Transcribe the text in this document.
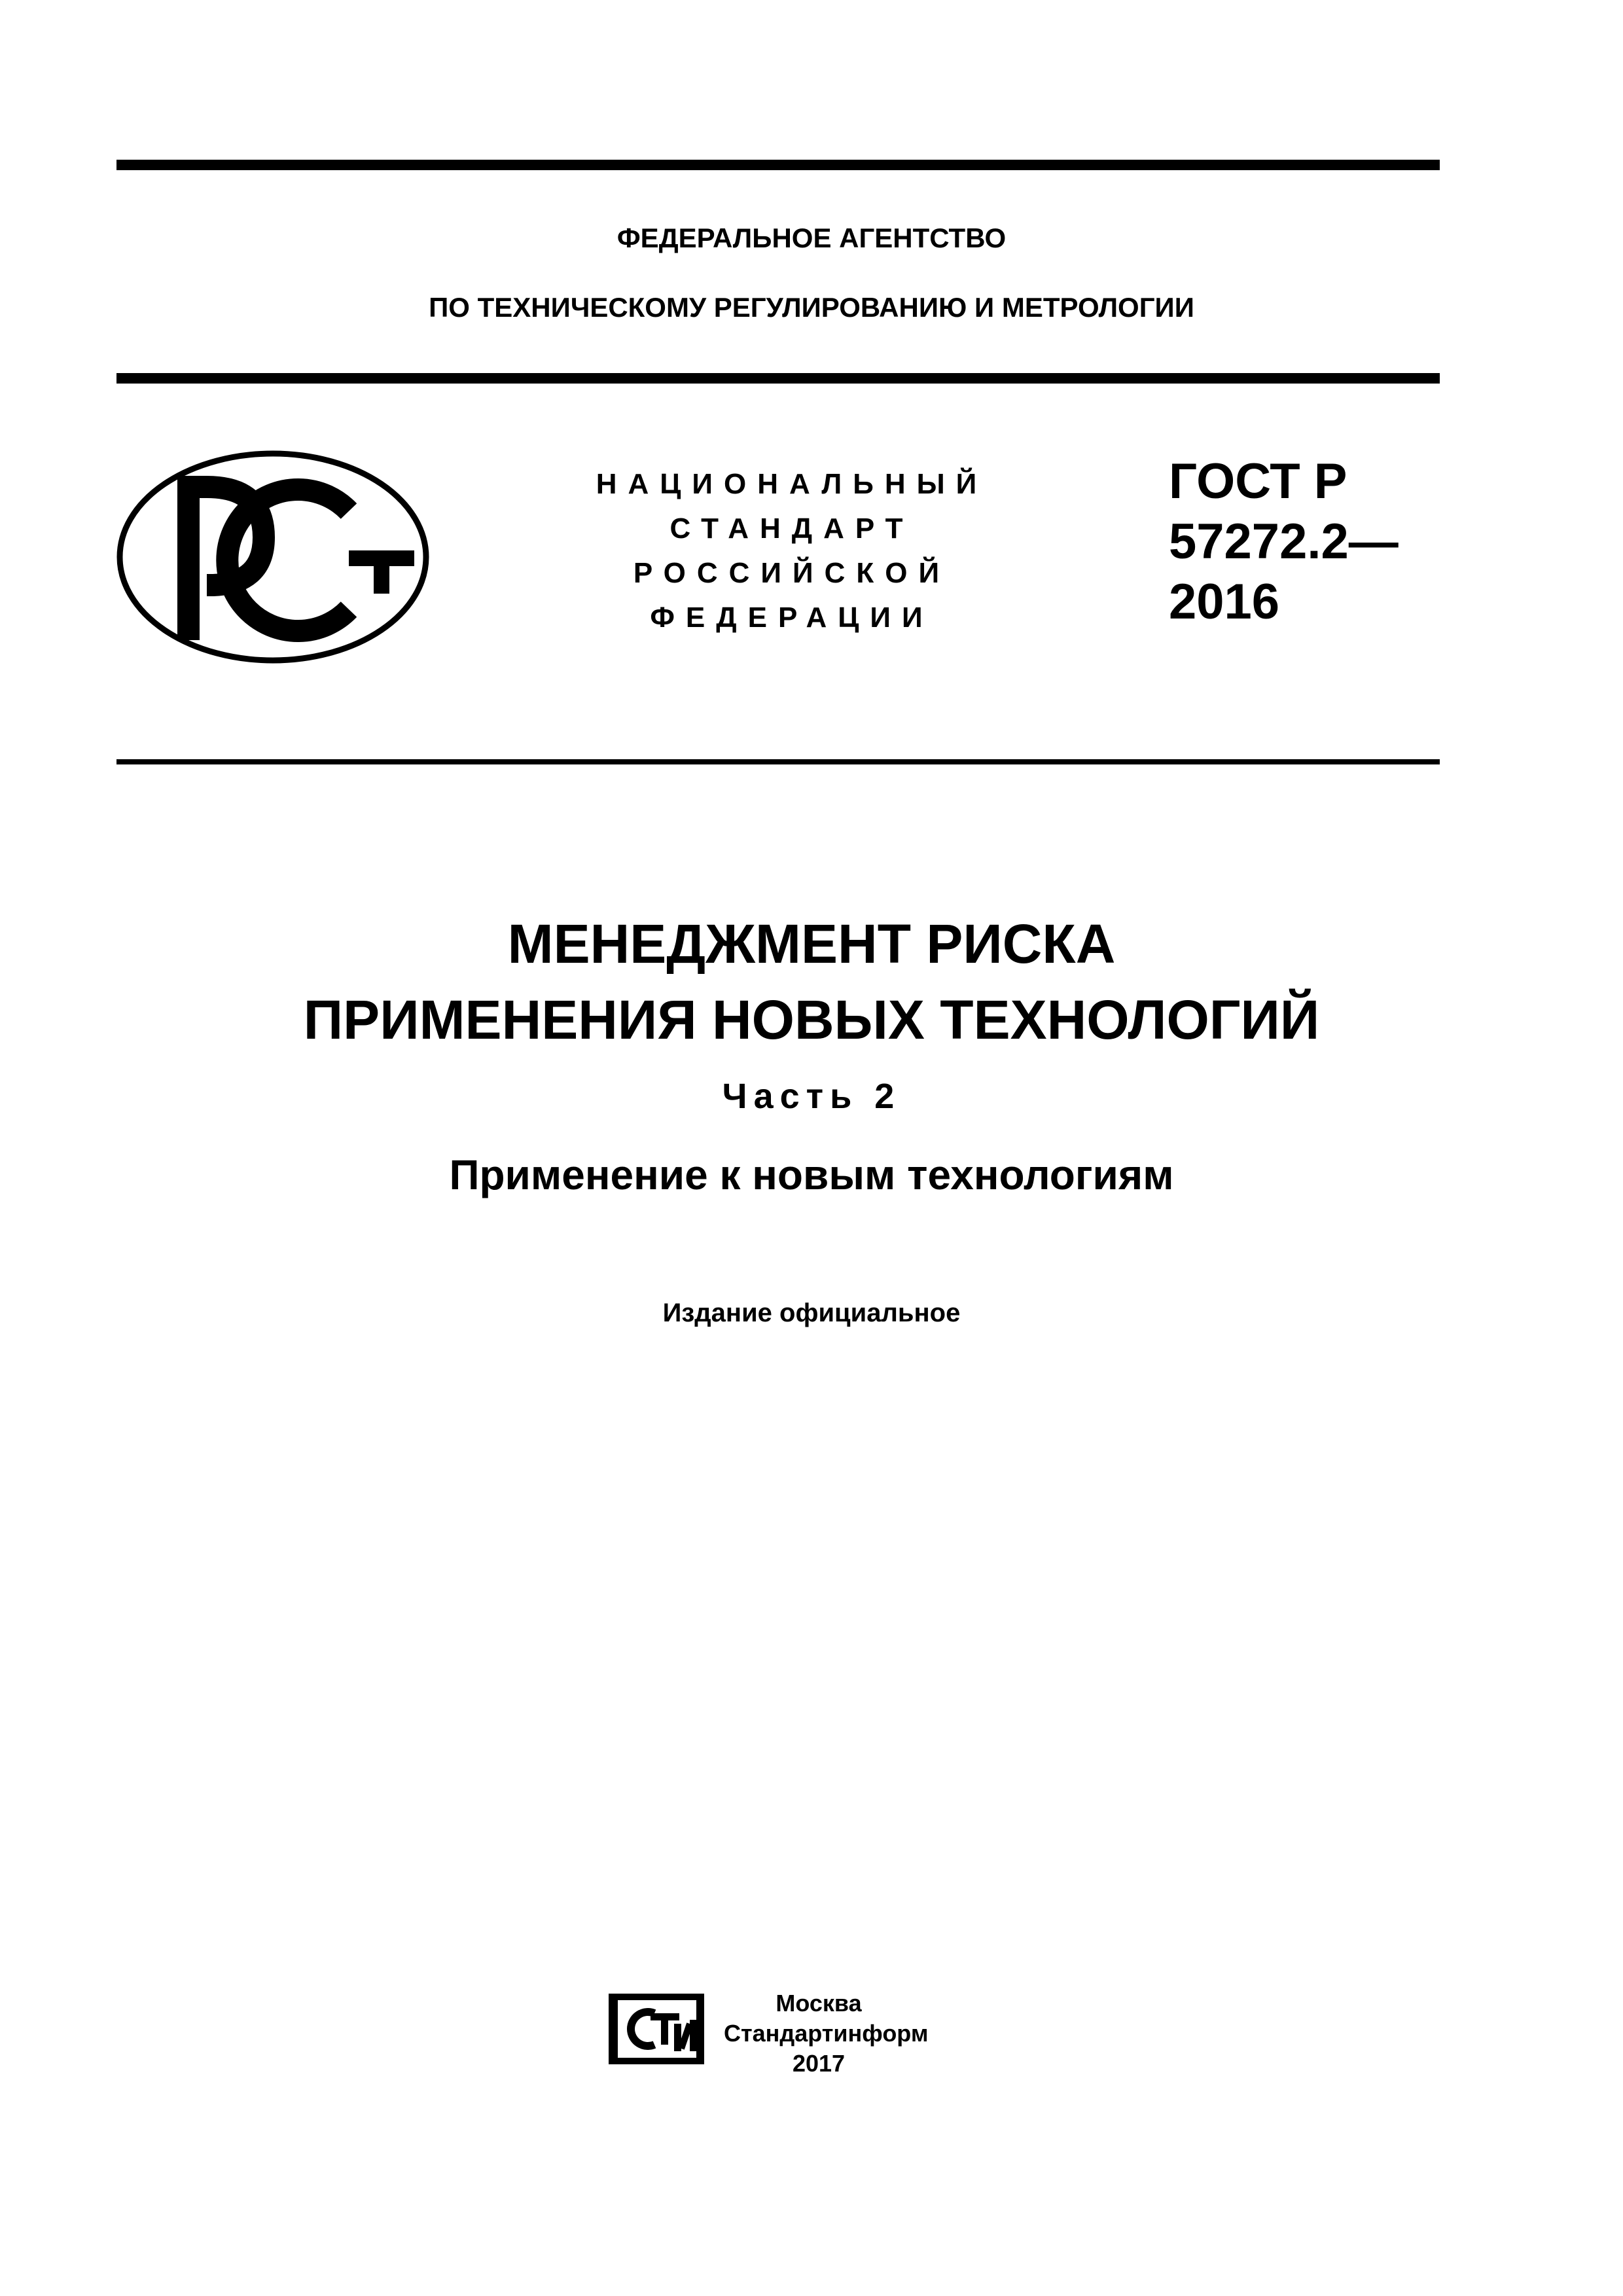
ФЕДЕРАЛЬНОЕ АГЕНТСТВО
ПО ТЕХНИЧЕСКОМУ РЕГУЛИРОВАНИЮ И МЕТРОЛОГИИ
НАЦИОНАЛЬНЫЙ
СТАНДАРТ
РОССИЙСКОЙ
ФЕДЕРАЦИИ
ГОСТ Р
57272.2—
2016
МЕНЕДЖМЕНТ РИСКА
ПРИМЕНЕНИЯ НОВЫХ ТЕХНОЛОГИЙ
Часть 2
Применение к новым технологиям
Издание официальное
Москва
Стандартинформ
2017
